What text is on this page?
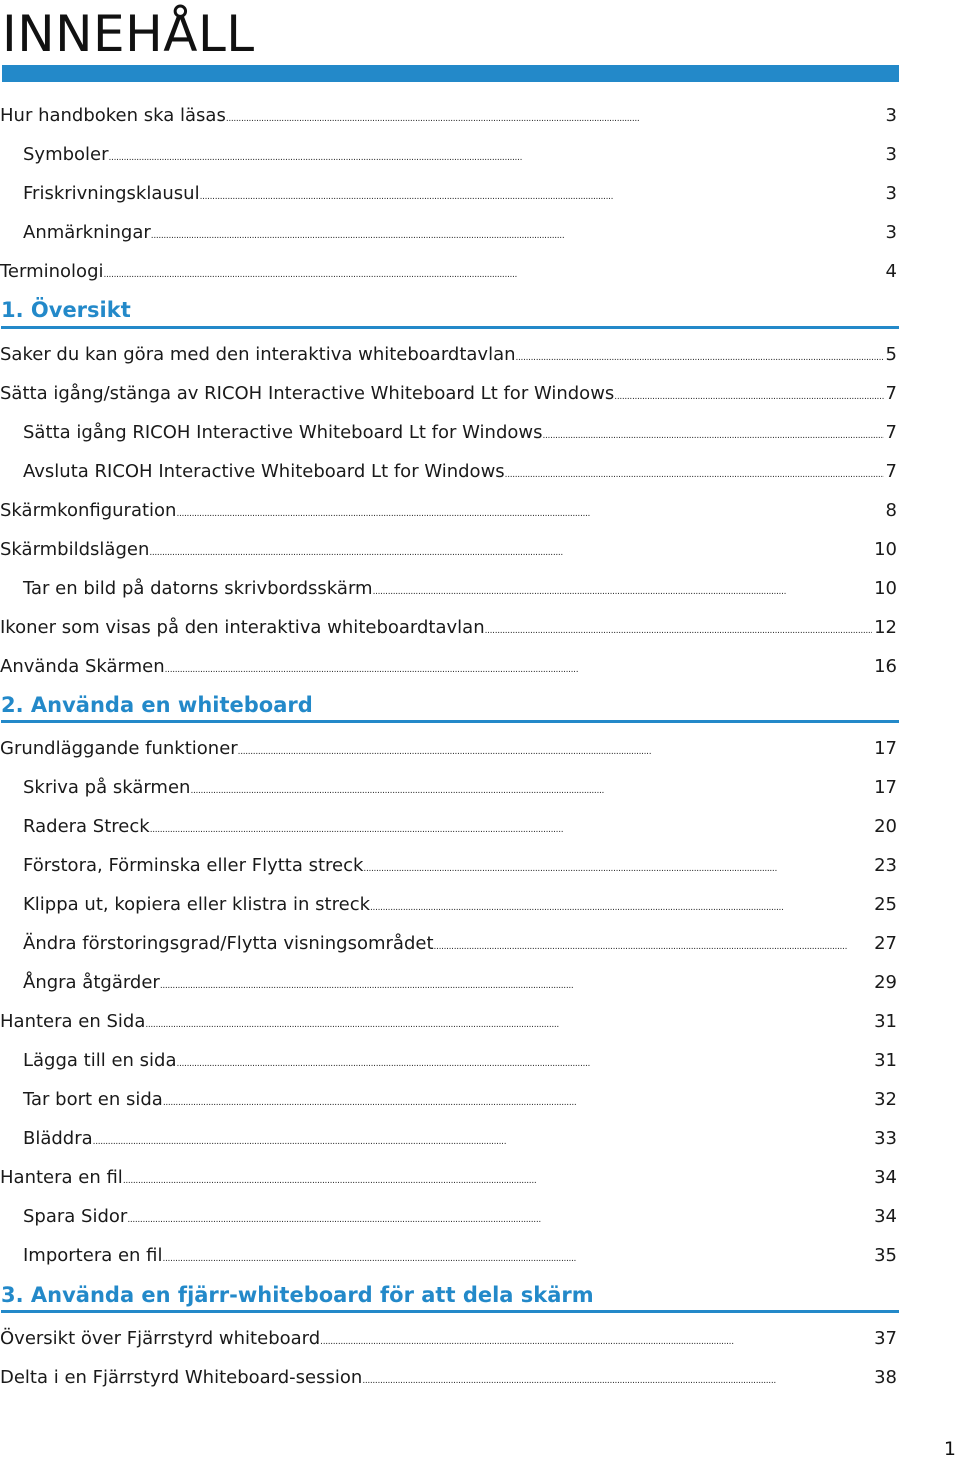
INNEHÅLL
Hur handboken ska läsas . . .	3
Symboler . . .	3
Friskrivningsklausul . . .	3
Anmärkningar . . .	3
Terminologi . . .	4
1. Översikt
Saker du kan göra med den interaktiva whiteboardtavlan . . .	5
Sätta igång/stänga av RICOH Interactive Whiteboard Lt for Windows . . .	7
Sätta igång RICOH Interactive Whiteboard Lt for Windows . . .	7
Avsluta RICOH Interactive Whiteboard Lt for Windows . . .	7
Skärmkonfiguration . . .	8
Skärmbildslägen . . .	10
Tar en bild på datorns skrivbordsskärm . . .	10
Ikoner som visas på den interaktiva whiteboardtavlan . . .	12
Använda Skärmen . . .	16
2. Använda en whiteboard
Grundläggande funktioner . . .	17
Skriva på skärmen . . .	17
Radera Streck . . .	20
Förstora, Förminska eller Flytta streck . . .	23
Klippa ut, kopiera eller klistra in streck . . .	25
Ändra förstoringsgrad/Flytta visningsområdet . . .	27
Ångra åtgärder . . .	29
Hantera en Sida . . .	31
Lägga till en sida . . .	31
Tar bort en sida . . .	32
Bläddra . . .	33
Hantera en fil . . .	34
Spara Sidor . . .	34
Importera en fil . . .	35
3. Använda en fjärr-whiteboard för att dela skärm
Översikt över Fjärrstyrd whiteboard . . .	37
Delta i en Fjärrstyrd Whiteboard-session . . .	38
1
